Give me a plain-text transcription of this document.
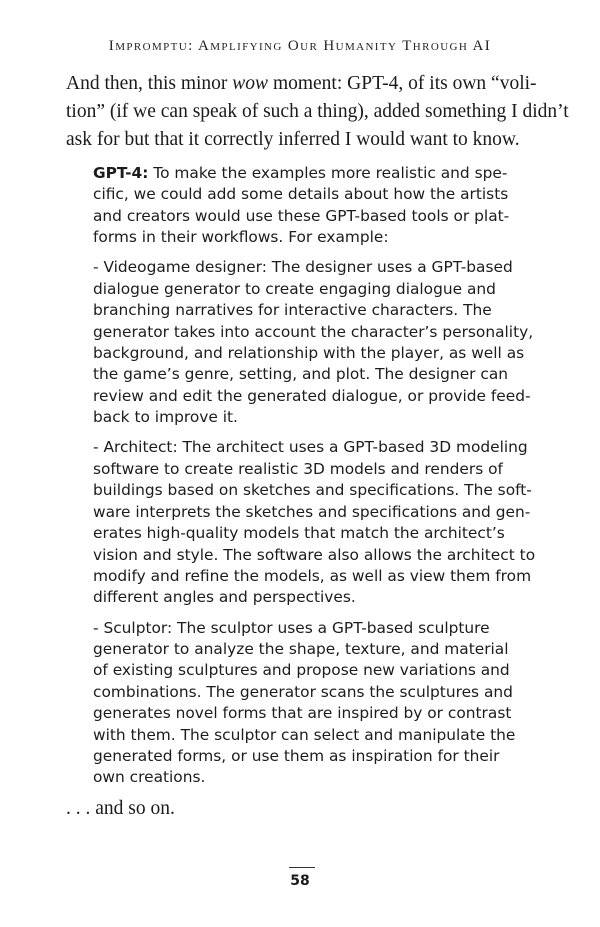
Impromptu: Amplifying Our Humanity Through AI

And then, this minor wow moment: GPT-4, of its own “voli-
tion” (if we can speak of such a thing), added something I didn’t
ask for but that it correctly inferred I would want to know.

GPT-4: To make the examples more realistic and spe-
cific, we could add some details about how the artists
and creators would use these GPT-based tools or plat-
forms in their workflows. For example:

- Videogame designer: The designer uses a GPT-based
dialogue generator to create engaging dialogue and
branching narratives for interactive characters. The
generator takes into account the character’s personality,
background, and relationship with the player, as well as
the game’s genre, setting, and plot. The designer can
review and edit the generated dialogue, or provide feed-
back to improve it.

- Architect: The architect uses a GPT-based 3D modeling
software to create realistic 3D models and renders of
buildings based on sketches and specifications. The soft-
ware interprets the sketches and specifications and gen-
erates high-quality models that match the architect’s
vision and style. The software also allows the architect to
modify and refine the models, as well as view them from
different angles and perspectives.

- Sculptor: The sculptor uses a GPT-based sculpture
generator to analyze the shape, texture, and material
of existing sculptures and propose new variations and
combinations. The generator scans the sculptures and
generates novel forms that are inspired by or contrast
with them. The sculptor can select and manipulate the
generated forms, or use them as inspiration for their
own creations.

. . . and so on.

58
